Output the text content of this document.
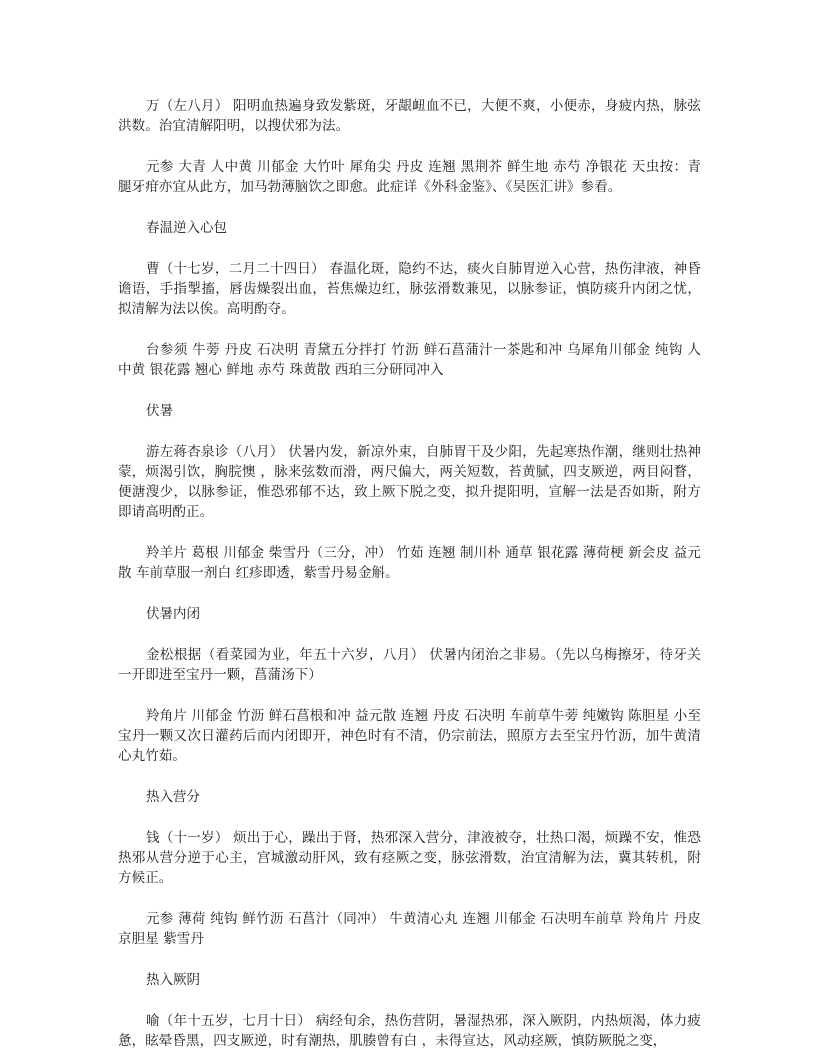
万（左八月） 阳明血热遍身致发紫斑，牙龈衄血不已，大便不爽，小便赤，身疲内热，脉弦洪数。治宜清解阳明，以搜伏邪为法。

元参 大青 人中黄 川郁金 大竹叶 犀角尖 丹皮 连翘 黑荆芥 鲜生地 赤芍 净银花 天虫按：青腿牙疳亦宜从此方，加马勃薄脑饮之即愈。此症详《外科金鉴》、《吴医汇讲》参看。

春温逆入心包

曹（十七岁，二月二十四日） 春温化斑，隐约不达，痰火自肺胃逆入心营，热伤津液，神昏谵语，手指掣搐，唇齿燥裂出血，苔焦燥边红，脉弦滑数兼见，以脉参证，慎防痰升内闭之忧，拟清解为法以俟。高明酌夺。

台参须 牛蒡 丹皮 石决明 青黛五分拌打 竹沥 鲜石菖蒲汁一茶匙和冲 乌犀角川郁金 纯钩 人中黄 银花露 翘心 鲜地 赤芍 珠黄散 西珀三分研同冲入

伏暑

游左蒋杏泉诊（八月） 伏暑内发，新凉外束，自肺胃干及少阳，先起寒热作潮，继则壮热神蒙，烦渴引饮，胸脘懊 ，脉来弦数而滑，两尺偏大，两关短数，苔黄腻，四支厥逆，两目闷瞀，便溏溲少，以脉参证，惟恐邪郁不达，致上厥下脱之变，拟升提阳明，宣解一法是否如斯，附方即请高明酌正。

羚羊片 葛根 川郁金 柴雪丹（三分，冲） 竹茹 连翘 制川朴 通草 银花露 薄荷梗 新会皮 益元散 车前草服一剂白 红疹即透，紫雪丹易金斛。

伏暑内闭

金松根据（看菜园为业，年五十六岁，八月） 伏暑内闭治之非易。（先以乌梅擦牙，待牙关一开即进至宝丹一颗，菖蒲汤下）

羚角片 川郁金 竹沥 鲜石菖根和冲 益元散 连翘 丹皮 石决明 车前草牛蒡 纯嫩钩 陈胆星 小至宝丹一颗又次日灌药后而内闭即开，神色时有不清，仍宗前法，照原方去至宝丹竹沥，加牛黄清心丸竹茹。

热入营分

钱（十一岁） 烦出于心，躁出于肾，热邪深入营分，津液被夺，壮热口渴，烦躁不安，惟恐热邪从营分逆于心主，宫城激动肝风，致有痉厥之变，脉弦滑数，治宜清解为法，冀其转机，附方候正。

元参 薄荷 纯钩 鲜竹沥 石菖汁（同冲） 牛黄清心丸 连翘 川郁金 石决明车前草 羚角片 丹皮 京胆星 紫雪丹

热入厥阴

喻（年十五岁，七月十日） 病经旬余，热伤营阴，暑湿热邪，深入厥阴，内热烦渴，体力疲惫，眩晕昏黑，四支厥逆，时有潮热，肌腠曾有白 ，未得宣达，风动痉厥，慎防厥脱之变，
